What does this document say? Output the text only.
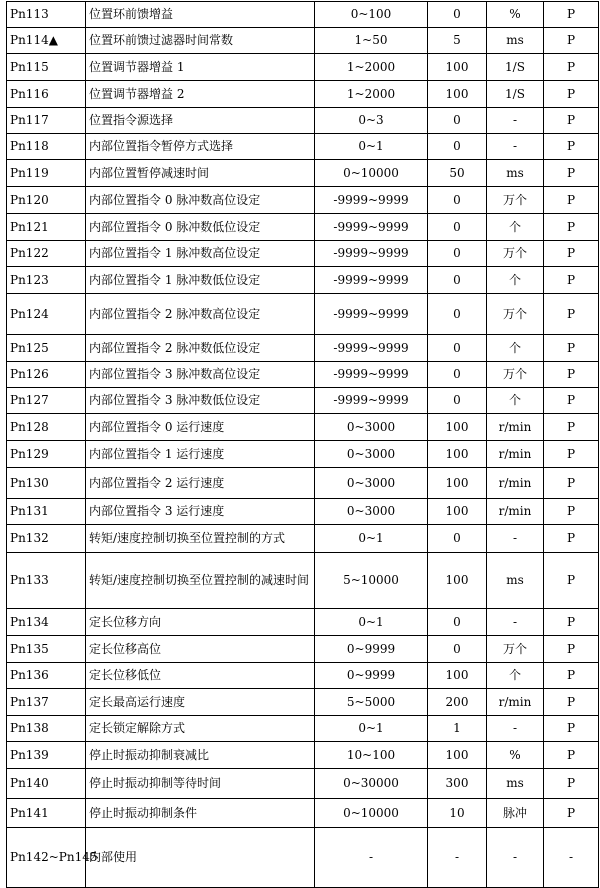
Pn113	位置环前馈增益	0~100	0	%	P
Pn114▲	位置环前馈过滤器时间常数	1~50	5	ms	P
Pn115	位置调节器增益 1	1~2000	100	1/S	P
Pn116	位置调节器增益 2	1~2000	100	1/S	P
Pn117	位置指令源选择	0~3	0	-	P
Pn118	内部位置指令暂停方式选择	0~1	0	-	P
Pn119	内部位置暂停减速时间	0~10000	50	ms	P
Pn120	内部位置指令 0 脉冲数高位设定	-9999~9999	0	万个	P
Pn121	内部位置指令 0 脉冲数低位设定	-9999~9999	0	个	P
Pn122	内部位置指令 1 脉冲数高位设定	-9999~9999	0	万个	P
Pn123	内部位置指令 1 脉冲数低位设定	-9999~9999	0	个	P
Pn124	内部位置指令 2 脉冲数高位设定	-9999~9999	0	万个	P
Pn125	内部位置指令 2 脉冲数低位设定	-9999~9999	0	个	P
Pn126	内部位置指令 3 脉冲数高位设定	-9999~9999	0	万个	P
Pn127	内部位置指令 3 脉冲数低位设定	-9999~9999	0	个	P
Pn128	内部位置指令 0 运行速度	0~3000	100	r/min	P
Pn129	内部位置指令 1 运行速度	0~3000	100	r/min	P
Pn130	内部位置指令 2 运行速度	0~3000	100	r/min	P
Pn131	内部位置指令 3 运行速度	0~3000	100	r/min	P
Pn132	转矩/速度控制切换至位置控制的方式	0~1	0	-	P
Pn133	转矩/速度控制切换至位置控制的减速时间	5~10000	100	ms	P
Pn134	定长位移方向	0~1	0	-	P
Pn135	定长位移高位	0~9999	0	万个	P
Pn136	定长位移低位	0~9999	100	个	P
Pn137	定长最高运行速度	5~5000	200	r/min	P
Pn138	定长锁定解除方式	0~1	1	-	P
Pn139	停止时振动抑制衰减比	10~100	100	%	P
Pn140	停止时振动抑制等待时间	0~30000	300	ms	P
Pn141	停止时振动抑制条件	0~10000	10	脉冲	P
Pn142~Pn145	内部使用	-	-	-	-
